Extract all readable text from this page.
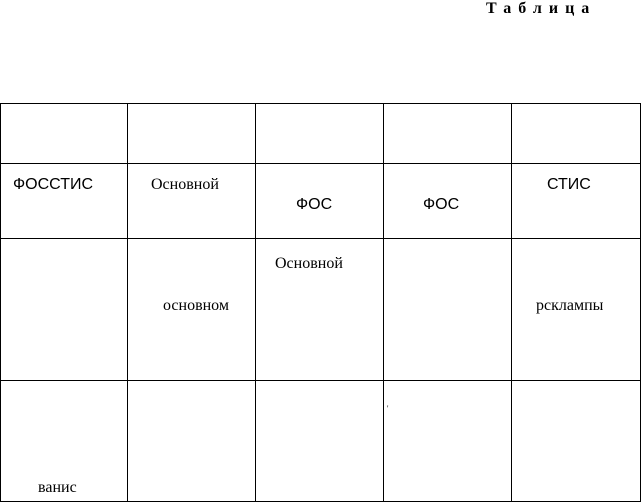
Таблица
ФОССТИС	Основной
ФОС	ФОС
СТИС
основном
Основной
рсклампы
'
ванис
